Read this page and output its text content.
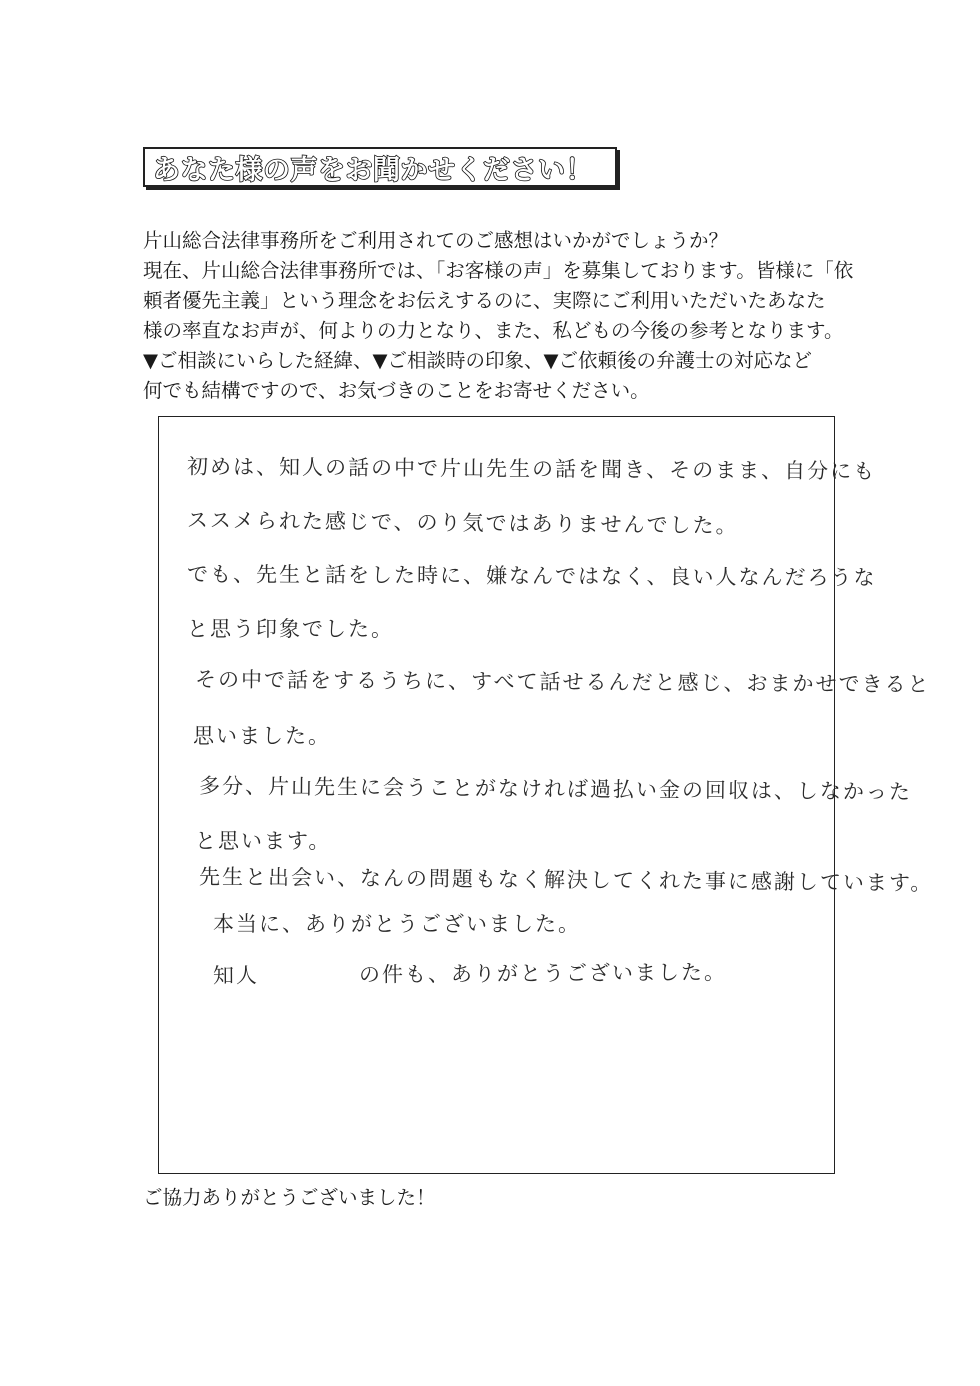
あなた様の声をお聞かせください！
片山総合法律事務所をご利用されてのご感想はいかがでしょうか？
現在、片山総合法律事務所では、「お客様の声」を募集しております。皆様に「依
頼者優先主義」という理念をお伝えするのに、実際にご利用いただいたあなた
様の率直なお声が、何よりの力となり、また、私どもの今後の参考となります。
▼ご相談にいらした経緯、▼ご相談時の印象、▼ご依頼後の弁護士の対応など
何でも結構ですので、お気づきのことをお寄せください。
初めは、知人の話の中で片山先生の話を聞き、そのまま、自分にも
ススメられた感じで、のり気ではありませんでした。
でも、先生と話をした時に、嫌なんではなく、良い人なんだろうな
と思う印象でした。
その中で話をするうちに、すべて話せるんだと感じ、おまかせできると
思いました。
多分、片山先生に会うことがなければ過払い金の回収は、しなかった
と思います。
先生と出会い、なんの問題もなく解決してくれた事に感謝しています。
本当に、ありがとうございました。
知人	の件も、ありがとうございました。
ご協力ありがとうございました！
